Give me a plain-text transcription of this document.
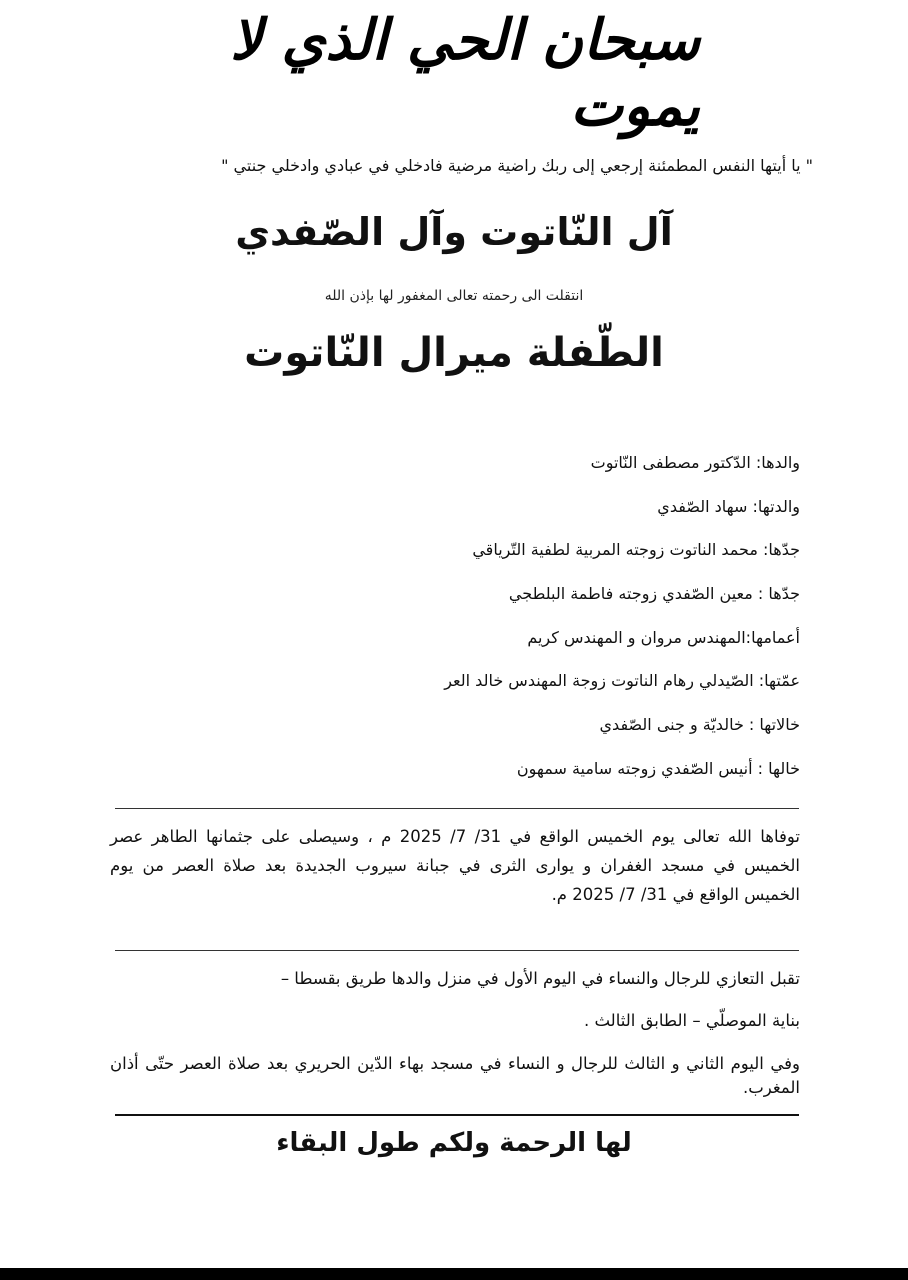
سبحان الحي الذي لا يموت
" يا أيتها النفس المطمئنة إرجعي إلى ربك راضية مرضية فادخلي في عبادي وادخلي جنتي "
آل النّاتوت وآل الصّفدي
انتقلت الى رحمته تعالى المغفور لها بإذن الله
الطّفلة ميرال النّاتوت
والدها: الدّكتور مصطفى النّاتوت
والدتها: سهاد الصّفدي
جدّها: محمد الناتوت زوجته المربية لطفية التّرياقي
جدّها : معين الصّفدي زوجته فاطمة البلطجي
أعمامها:المهندس مروان و المهندس كريم
عمّتها: الصّيدلي رهام الناتوت زوجة المهندس خالد العر
خالاتها : خالديّة و جنى الصّفدي
خالها : أنيس الصّفدي زوجته سامية سمهون
توفاها الله تعالى يوم الخميس الواقع في 31/ 7/ 2025 م ، وسيصلى على جثمانها الطاهر عصر الخميس في مسجد الغفران و يوارى الثرى في جبانة سيروب الجديدة بعد صلاة العصر من يوم الخميس الواقع في 31/ 7/ 2025 م.
تقبل التعازي للرجال والنساء في اليوم الأول في منزل والدها طريق بقسطا –
بناية الموصلّي – الطابق الثالث .
وفي اليوم الثاني و الثالث للرجال و النساء في مسجد بهاء الدّين الحريري بعد صلاة العصر حتّى أذان المغرب.
لها الرحمة ولكم طول البقاء
